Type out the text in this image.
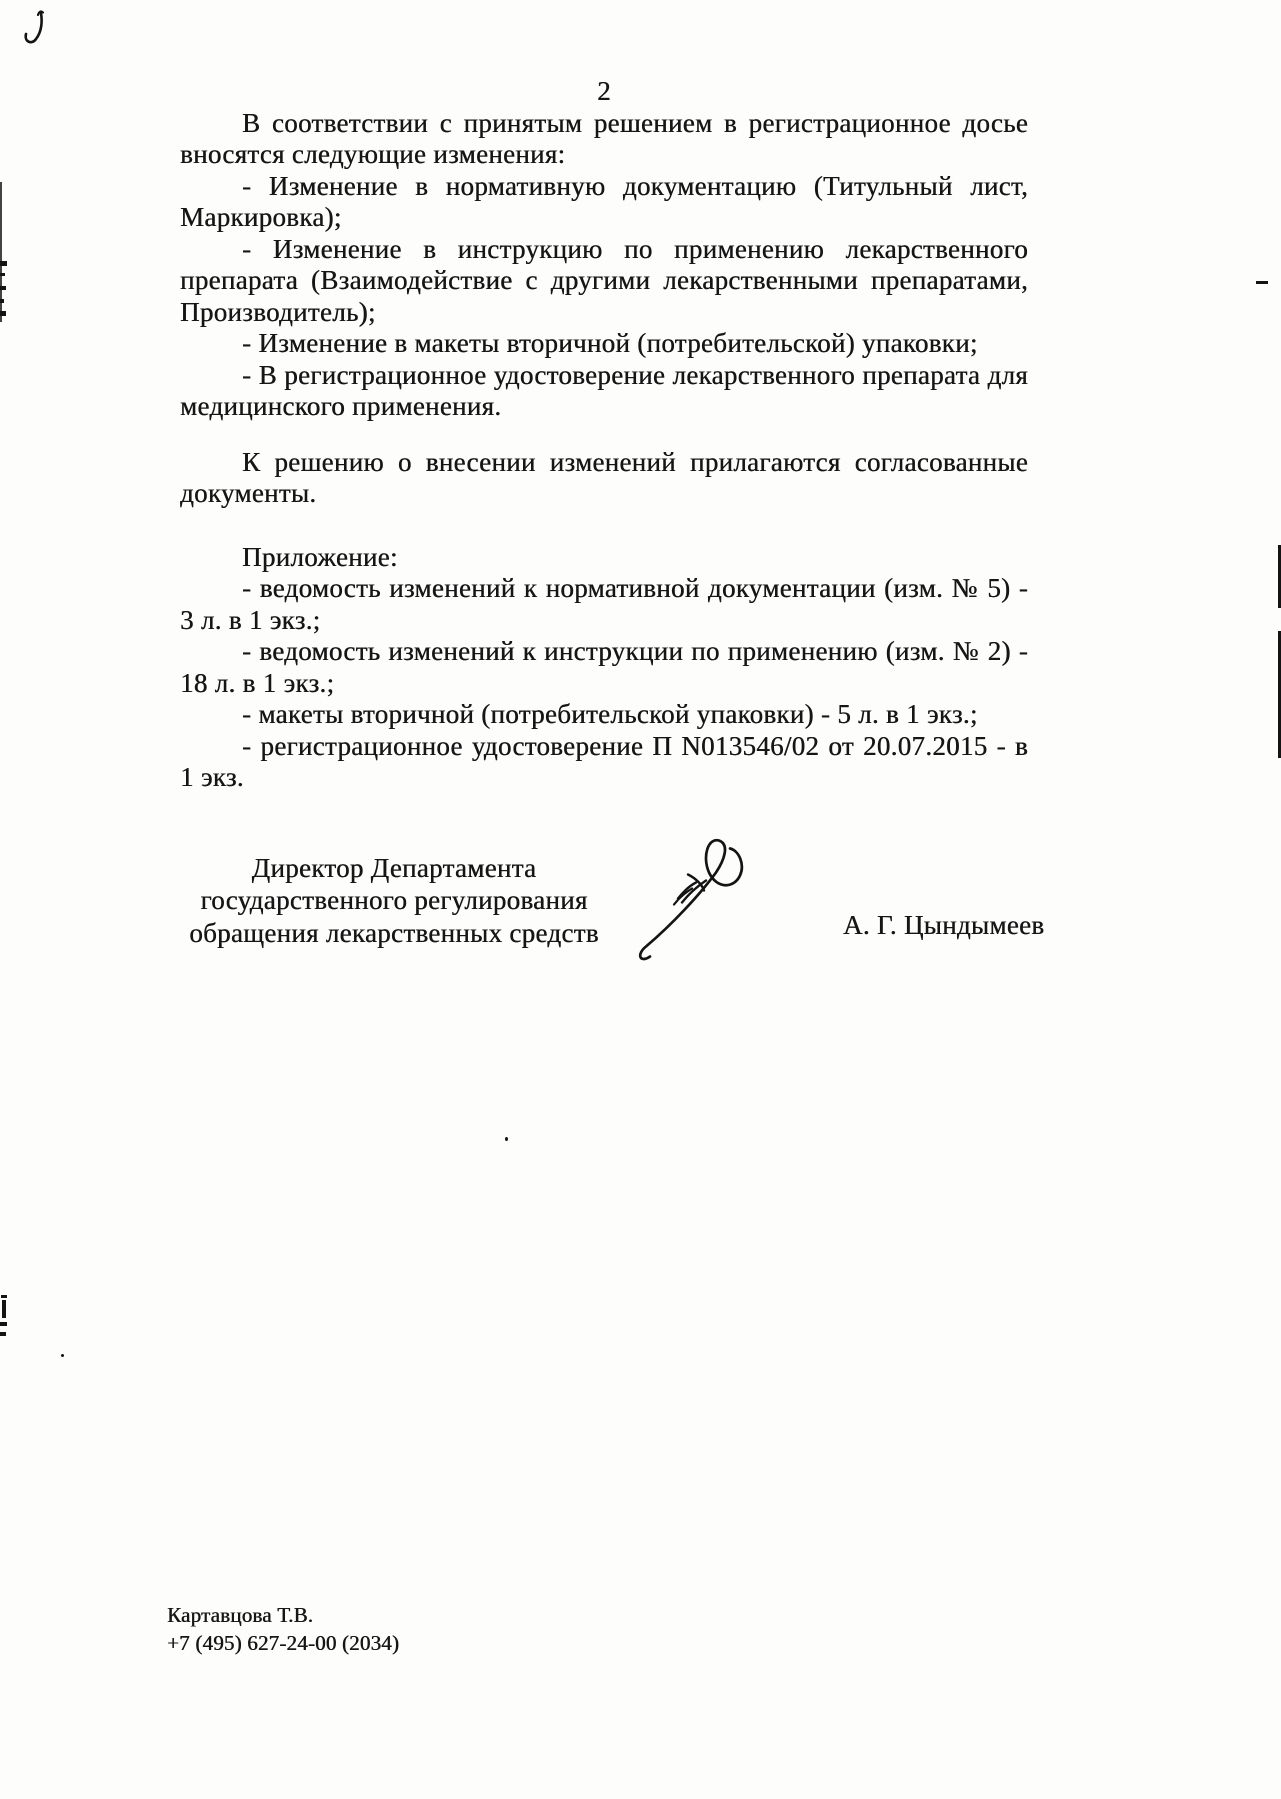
2

В соответствии с принятым решением в регистрационное досье вносятся следующие изменения:

- Изменение в нормативную документацию (Титульный лист, Маркировка);

- Изменение в инструкцию по применению лекарственного препарата (Взаимодействие с другими лекарственными препаратами, Производитель);

- Изменение в макеты вторичной (потребительской) упаковки;

- В регистрационное удостоверение лекарственного препарата для медицинского применения.

К решению о внесении изменений прилагаются согласованные документы.

Приложение:

- ведомость изменений к нормативной документации (изм. № 5) - 3 л. в 1 экз.;

- ведомость изменений к инструкции по применению (изм. № 2) - 18 л. в 1 экз.;

- макеты вторичной (потребительской упаковки) - 5 л. в 1 экз.;

- регистрационное удостоверение П N013546/02 от 20.07.2015 - в 1 экз.

Директор Департамента
государственного регулирования
обращения лекарственных средств	А. Г. Цындымеев
Картавцова Т.В.
+7 (495) 627-24-00 (2034)
